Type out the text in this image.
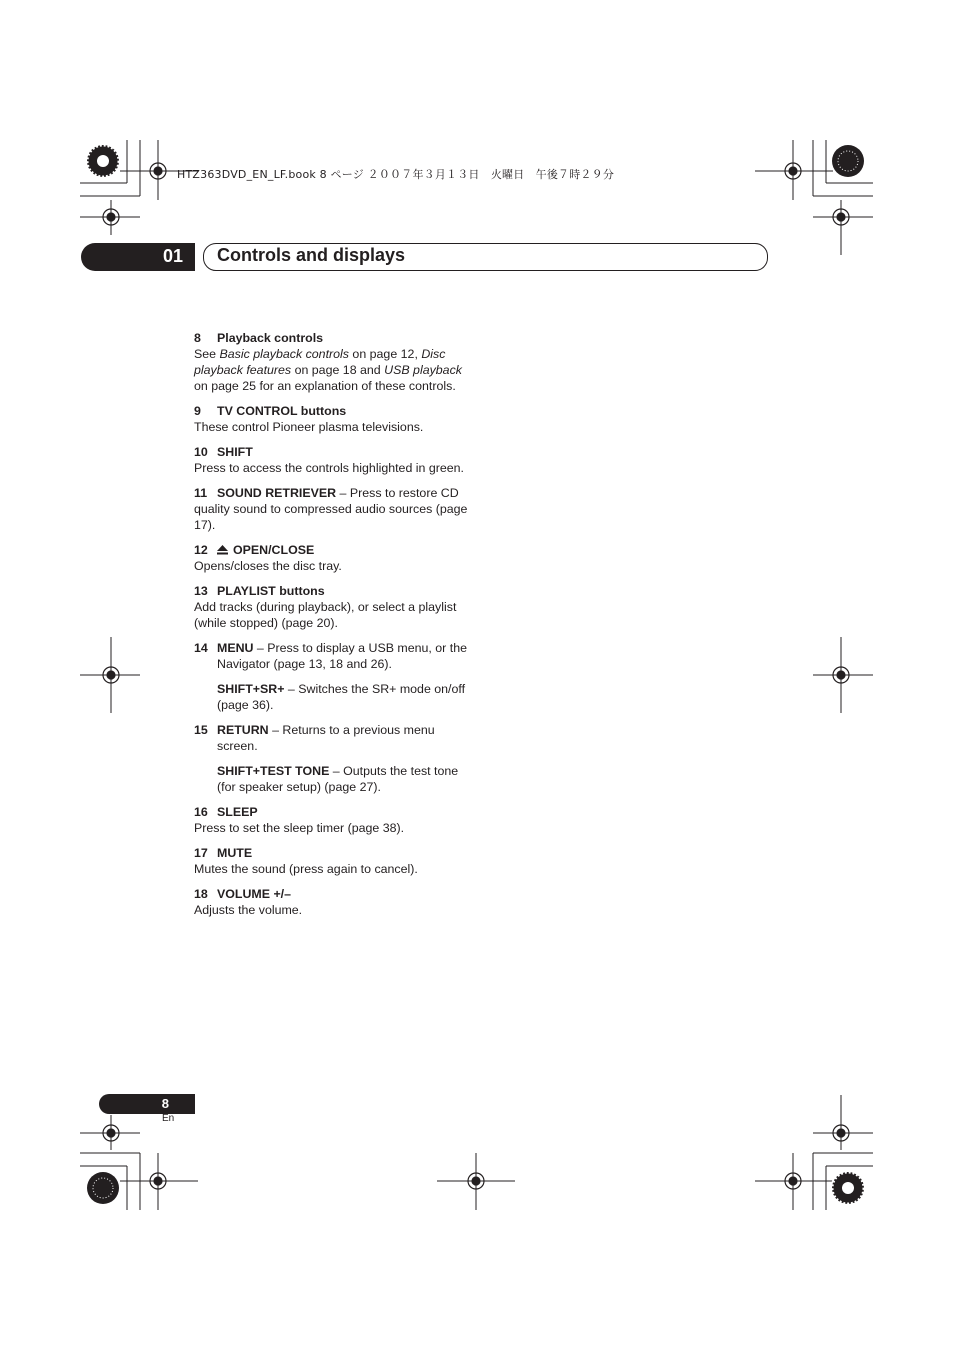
HTZ363DVD_EN_LF.book 8 ページ ２００７年３月１３日　火曜日　午後７時２９分
01 Controls and displays
8 Playback controls
See Basic playback controls on page 12, Disc playback features on page 18 and USB playback on page 25 for an explanation of these controls.
9 TV CONTROL buttons
These control Pioneer plasma televisions.
10 SHIFT
Press to access the controls highlighted in green.
11 SOUND RETRIEVER – Press to restore CD quality sound to compressed audio sources (page 17).
12 OPEN/CLOSE
Opens/closes the disc tray.
13 PLAYLIST buttons
Add tracks (during playback), or select a playlist (while stopped) (page 20).
14 MENU – Press to display a USB menu, or the Navigator (page 13, 18 and 26).
SHIFT+SR+ – Switches the SR+ mode on/off (page 36).
15 RETURN – Returns to a previous menu screen.
SHIFT+TEST TONE – Outputs the test tone (for speaker setup) (page 27).
16 SLEEP
Press to set the sleep timer (page 38).
17 MUTE
Mutes the sound (press again to cancel).
18 VOLUME +/–
Adjusts the volume.
8
En
